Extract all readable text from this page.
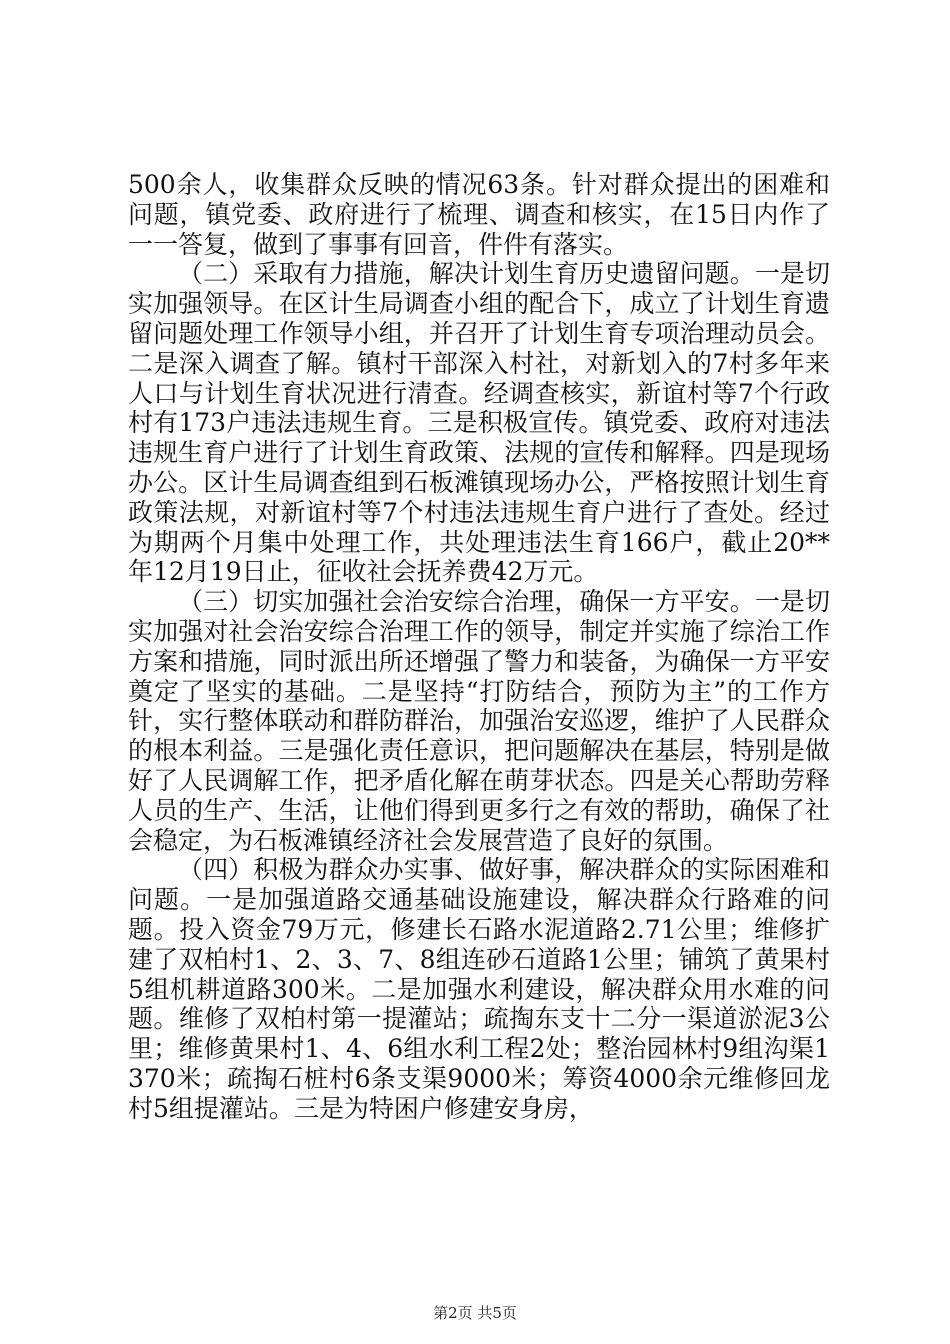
500余人，收集群众反映的情况63条。针对群众提出的困难和问题，镇党委、政府进行了梳理、调查和核实，在15日内作了一一答复，做到了事事有回音，件件有落实。

（二）采取有力措施，解决计划生育历史遗留问题。一是切实加强领导。在区计生局调查小组的配合下，成立了计划生育遗留问题处理工作领导小组，并召开了计划生育专项治理动员会。二是深入调查了解。镇村干部深入村社，对新划入的7村多年来人口与计划生育状况进行清查。经调查核实，新谊村等7个行政村有173户违法违规生育。三是积极宣传。镇党委、政府对违法违规生育户进行了计划生育政策、法规的宣传和解释。四是现场办公。区计生局调查组到石板滩镇现场办公，严格按照计划生育政策法规，对新谊村等7个村违法违规生育户进行了查处。经过为期两个月集中处理工作，共处理违法生育166户，截止20**年12月19日止，征收社会抚养费42万元。

（三）切实加强社会治安综合治理，确保一方平安。一是切实加强对社会治安综合治理工作的领导，制定并实施了综治工作方案和措施，同时派出所还增强了警力和装备，为确保一方平安奠定了坚实的基础。二是坚持“打防结合，预防为主”的工作方针，实行整体联动和群防群治，加强治安巡逻，维护了人民群众的根本利益。三是强化责任意识，把问题解决在基层，特别是做好了人民调解工作，把矛盾化解在萌芽状态。四是关心帮助劳释人员的生产、生活，让他们得到更多行之有效的帮助，确保了社会稳定，为石板滩镇经济社会发展营造了良好的氛围。

（四）积极为群众办实事、做好事，解决群众的实际困难和问题。一是加强道路交通基础设施建设，解决群众行路难的问题。投入资金79万元，修建长石路水泥道路2.71公里；维修扩建了双柏村1、2、3、7、8组连砂石道路1公里；铺筑了黄果村5组机耕道路300米。二是加强水利建设，解决群众用水难的问题。维修了双柏村第一提灌站；疏掏东支十二分一渠道淤泥3公里；维修黄果村1、4、6组水利工程2处；整治园林村9组沟渠1370米；疏掏石桩村6条支渠9000米；筹资4000余元维修回龙村5组提灌站。三是为特困户修建安身房，

第2页 共5页
